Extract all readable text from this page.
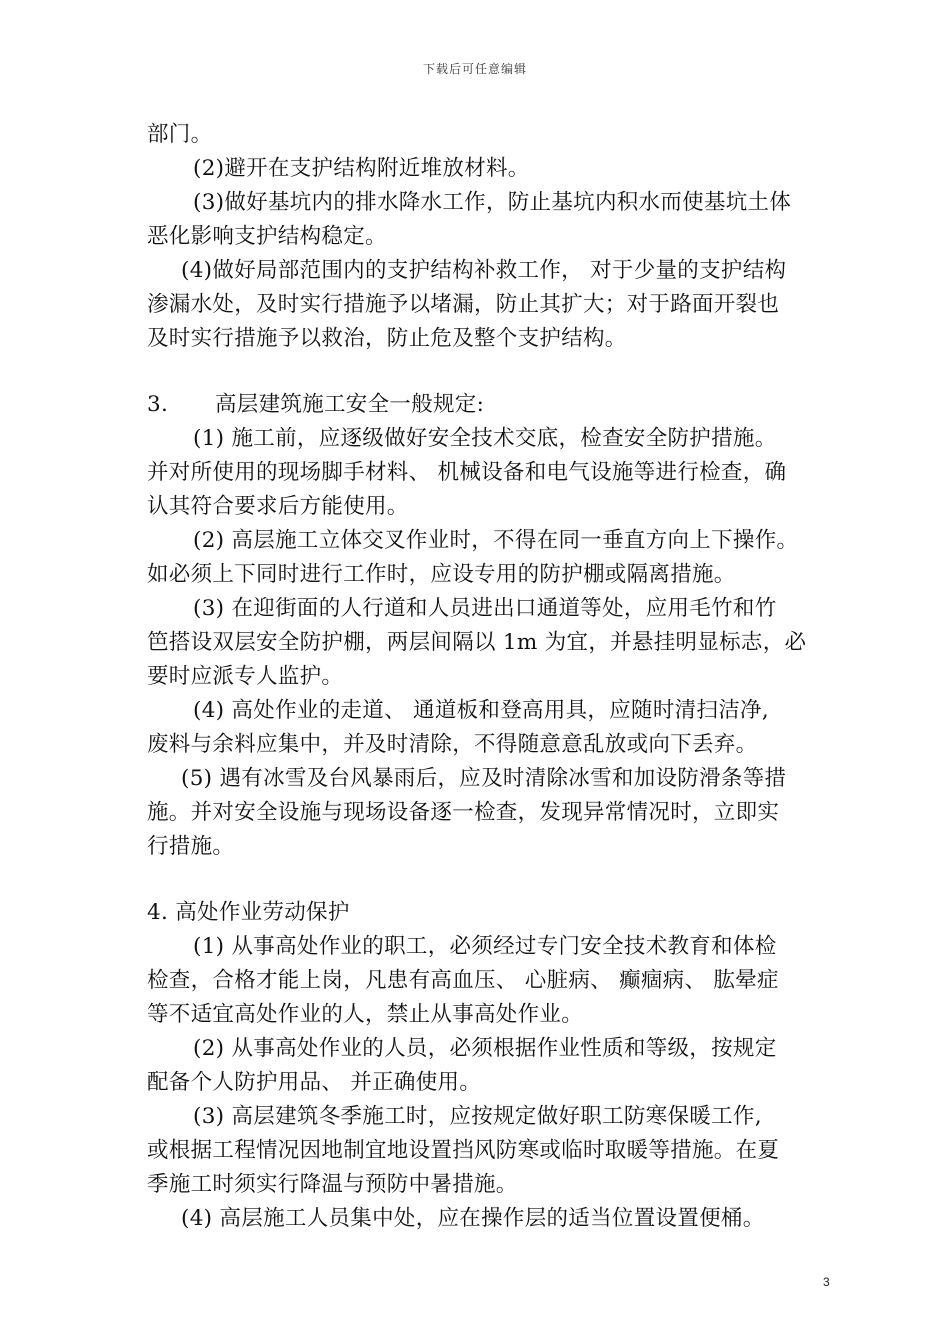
下载后可任意编辑
部门。
(2)避开在支护结构附近堆放材料。
(3)做好基坑内的排水降水工作，防止基坑内积水而使基坑土体
恶化影响支护结构稳定。
(4)做好局部范围内的支护结构补救工作， 对于少量的支护结构
渗漏水处，及时实行措施予以堵漏，防止其扩大；对于路面开裂也
及时实行措施予以救治，防止危及整个支护结构。
3. 高层建筑施工安全一般规定:
(1) 施工前，应逐级做好安全技术交底，检查安全防护措施。
并对所使用的现场脚手材料、 机械设备和电气设施等进行检查，确
认其符合要求后方能使用。
(2) 高层施工立体交叉作业时，不得在同一垂直方向上下操作。
如必须上下同时进行工作时，应设专用的防护棚或隔离措施。
(3) 在迎街面的人行道和人员进出口通道等处，应用毛竹和竹
笆搭设双层安全防护棚，两层间隔以 1m 为宜，并悬挂明显标志，必
要时应派专人监护。
(4) 高处作业的走道、 通道板和登高用具，应随时清扫洁净,
废料与余料应集中，并及时清除，不得随意意乱放或向下丢弃。
(5) 遇有冰雪及台风暴雨后，应及时清除冰雪和加设防滑条等措
施。并对安全设施与现场设备逐一检查，发现异常情况时，立即实
行措施。
4. 高处作业劳动保护
(1) 从事高处作业的职工，必须经过专门安全技术教育和体检
检查，合格才能上岗，凡患有高血压、 心脏病、 癫痼病、 肱晕症
等不适宜高处作业的人，禁止从事高处作业。
(2) 从事高处作业的人员，必须根据作业性质和等级，按规定
配备个人防护用品、 并正确使用。
(3) 高层建筑冬季施工时，应按规定做好职工防寒保暖工作,
或根据工程情况因地制宜地设置挡风防寒或临时取暖等措施。在夏
季施工时须实行降温与预防中暑措施。
(4) 高层施工人员集中处，应在操作层的适当位置设置便桶。
3
